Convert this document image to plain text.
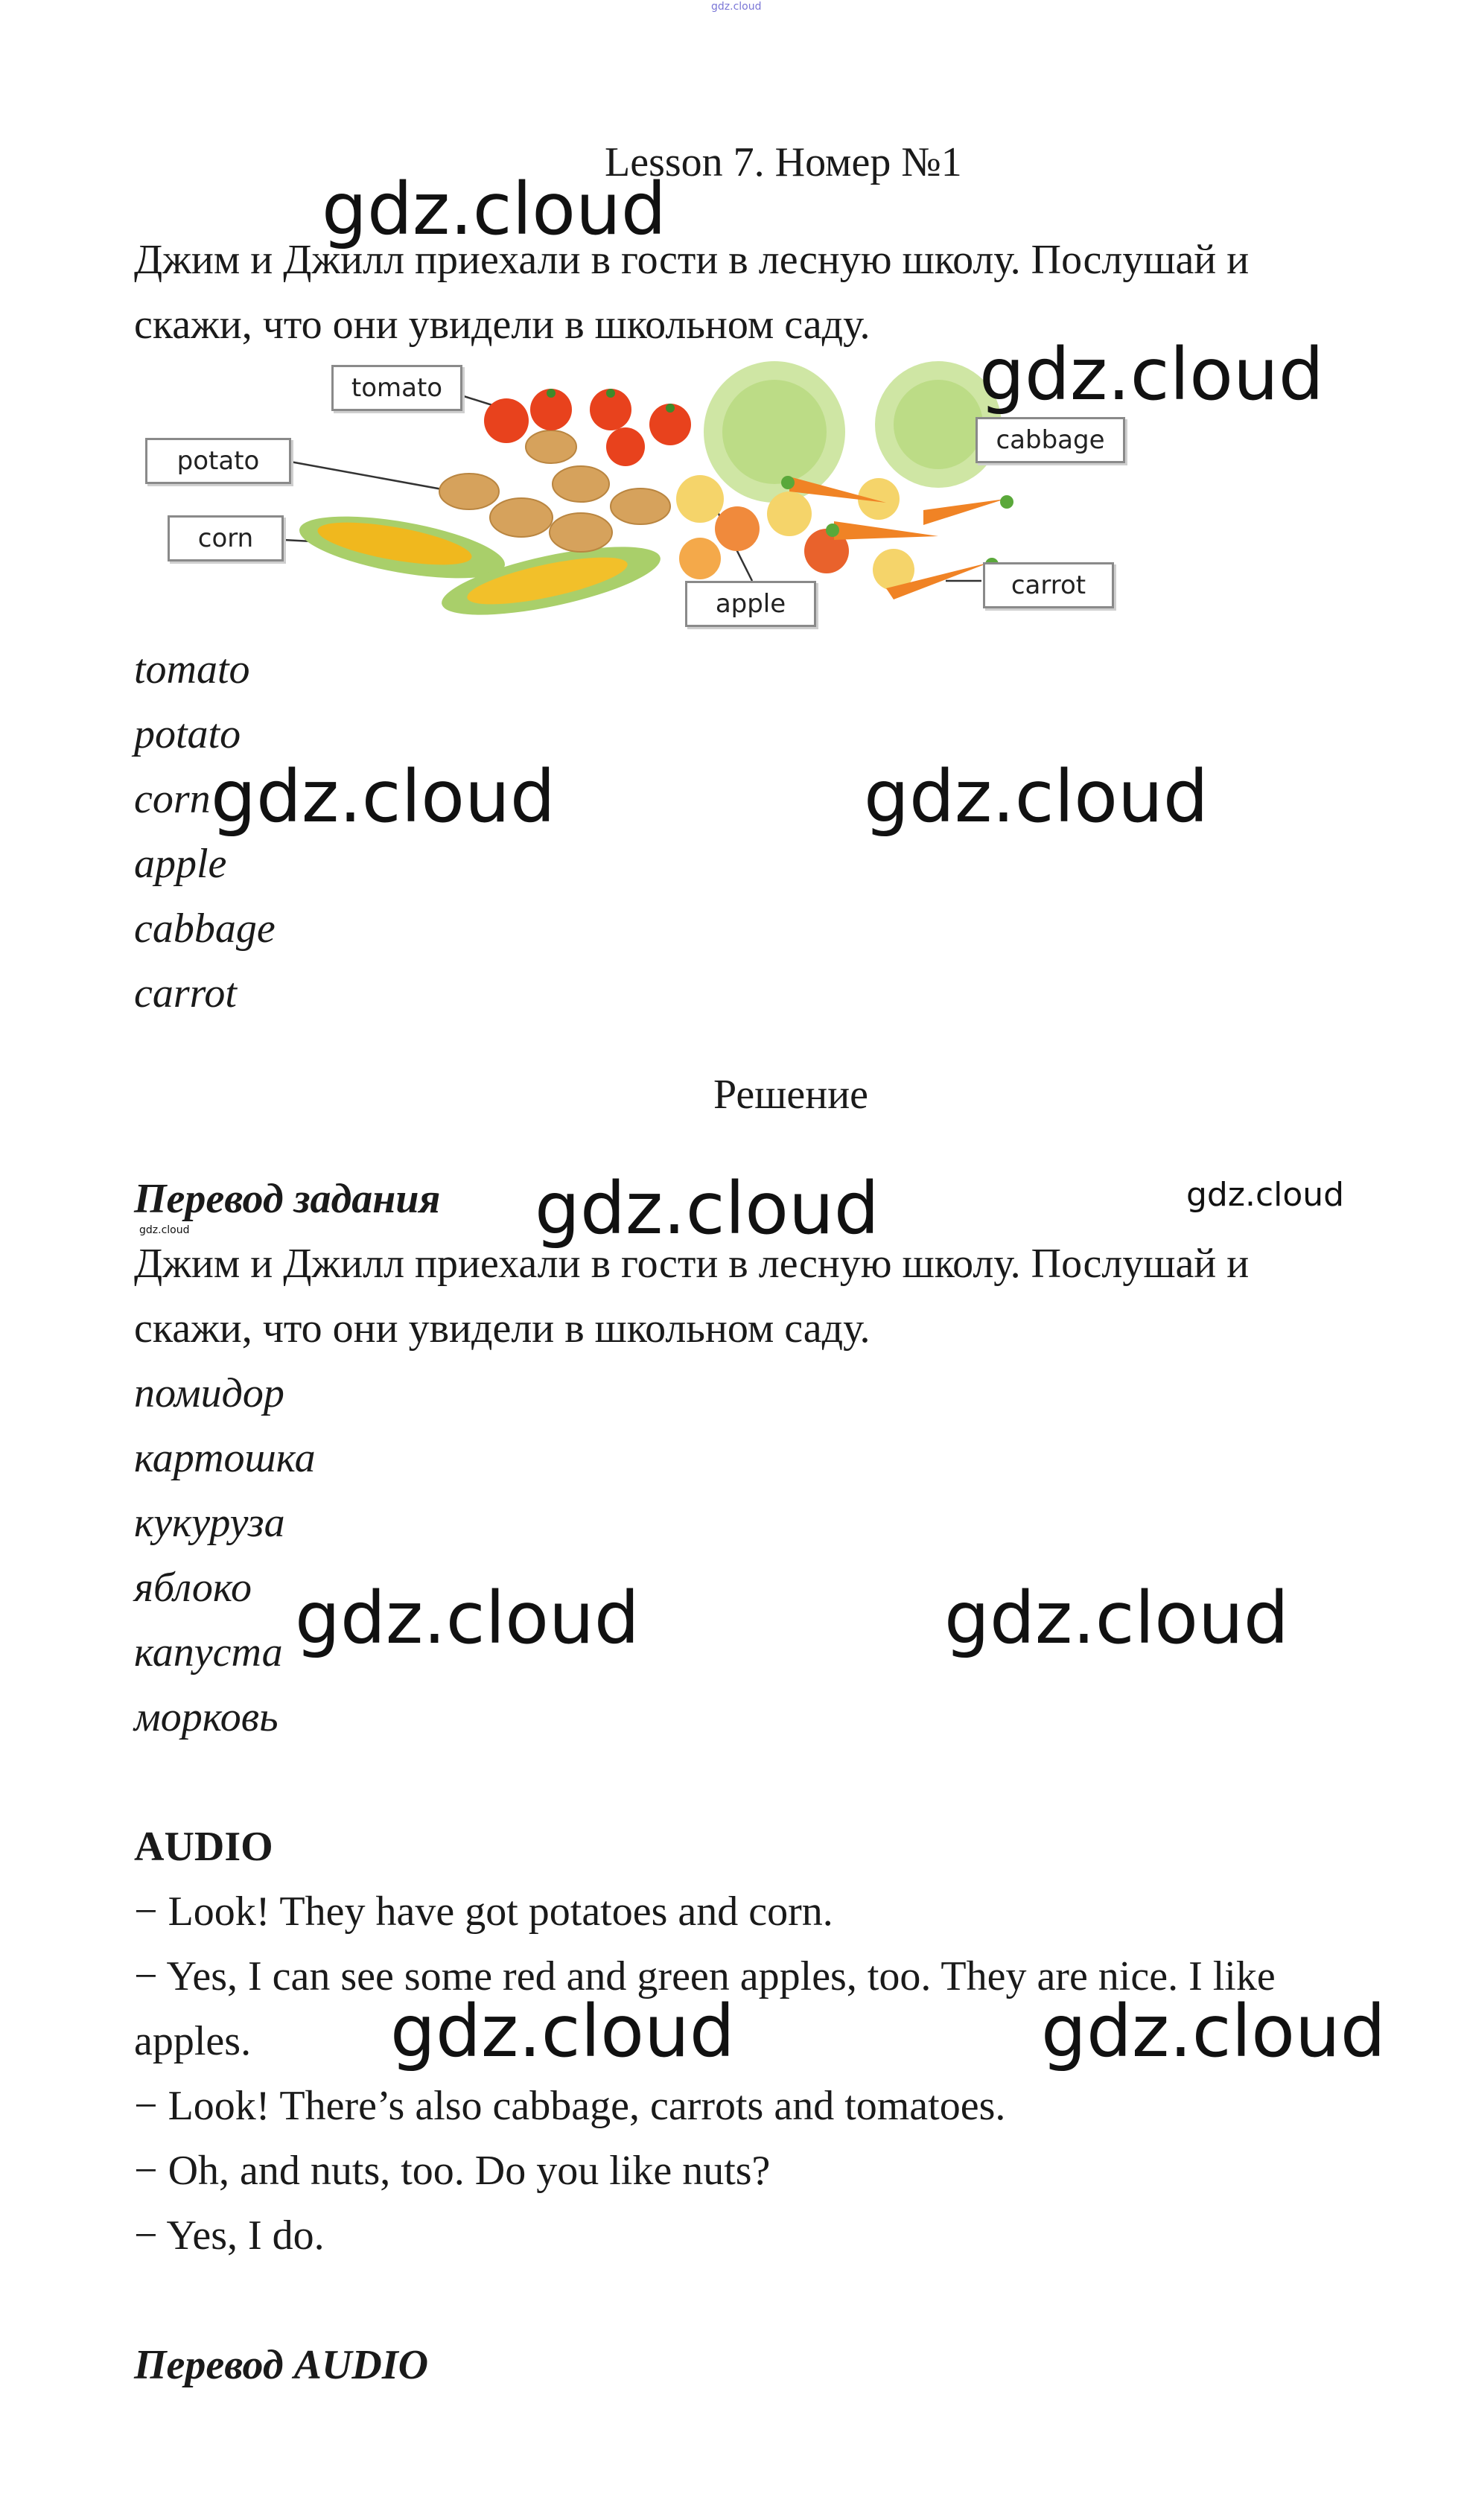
gdz.cloud
Lesson 7. Номер №1
Джим и Джилл приехали в гости в лесную школу. Послушай и
скажи, что они увидели в школьном саду.
tomato
potato
corn
apple
cabbage
carrot
tomato
potato
corn
apple
cabbage
carrot
Решение
Перевод задания
Джим и Джилл приехали в гости в лесную школу. Послушай и
скажи, что они увидели в школьном саду.
помидор
картошка
кукуруза
яблоко
капуста
морковь
AUDIO
− Look! They have got potatoes and corn.
− Yes, I can see some red and green apples, too. They are nice. I like
apples.
− Look! There’s also cabbage, carrots and tomatoes.
− Oh, and nuts, too. Do you like nuts?
− Yes, I do.
Перевод AUDIO
gdz.cloud
gdz.cloud
gdz.cloud	gdz.cloud
gdz.cloud	gdz.cloud
gdz.cloud
gdz.cloud	gdz.cloud
gdz.cloud	gdz.cloud
